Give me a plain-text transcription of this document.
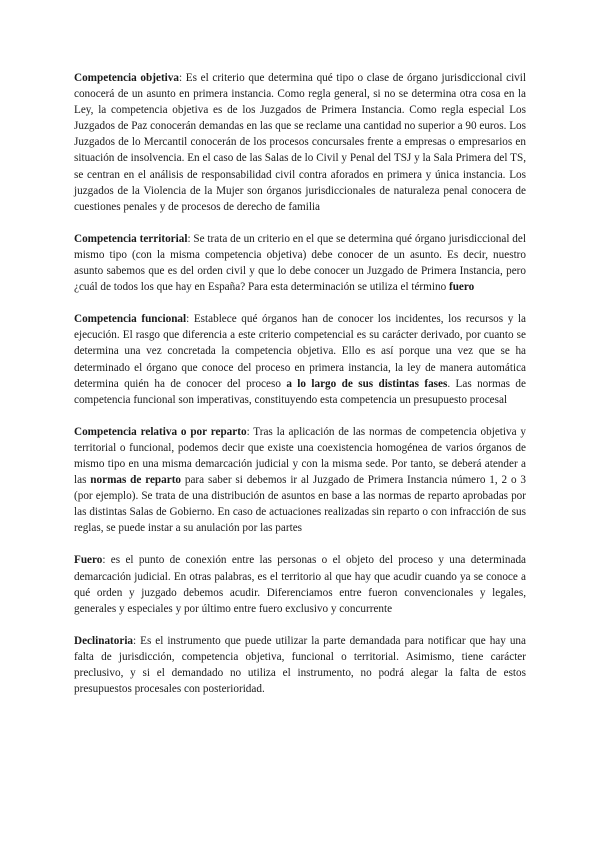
Competencia objetiva: Es el criterio que determina qué tipo o clase de órgano jurisdiccional civil conocerá de un asunto en primera instancia. Como regla general, si no se determina otra cosa en la Ley, la competencia objetiva es de los Juzgados de Primera Instancia. Como regla especial Los Juzgados de Paz conocerán demandas en las que se reclame una cantidad no superior a 90 euros. Los Juzgados de lo Mercantil conocerán de los procesos concursales frente a empresas o empresarios en situación de insolvencia. En el caso de las Salas de lo Civil y Penal del TSJ y la Sala Primera del TS, se centran en el análisis de responsabilidad civil contra aforados en primera y única instancia. Los juzgados de la Violencia de la Mujer son órganos jurisdiccionales de naturaleza penal conocera de cuestiones penales y de procesos de derecho de familia

Competencia territorial: Se trata de un criterio en el que se determina qué órgano jurisdiccional del mismo tipo (con la misma competencia objetiva) debe conocer de un asunto. Es decir, nuestro asunto sabemos que es del orden civil y que lo debe conocer un Juzgado de Primera Instancia, pero ¿cuál de todos los que hay en España? Para esta determinación se utiliza el término fuero

Competencia funcional: Establece qué órganos han de conocer los incidentes, los recursos y la ejecución. El rasgo que diferencia a este criterio competencial es su carácter derivado, por cuanto se determina una vez concretada la competencia objetiva. Ello es así porque una vez que se ha determinado el órgano que conoce del proceso en primera instancia, la ley de manera automática determina quién ha de conocer del proceso a lo largo de sus distintas fases. Las normas de competencia funcional son imperativas, constituyendo esta competencia un presupuesto procesal

Competencia relativa o por reparto: Tras la aplicación de las normas de competencia objetiva y territorial o funcional, podemos decir que existe una coexistencia homogénea de varios órganos de mismo tipo en una misma demarcación judicial y con la misma sede. Por tanto, se deberá atender a las normas de reparto para saber si debemos ir al Juzgado de Primera Instancia número 1, 2 o 3 (por ejemplo). Se trata de una distribución de asuntos en base a las normas de reparto aprobadas por las distintas Salas de Gobierno. En caso de actuaciones realizadas sin reparto o con infracción de sus reglas, se puede instar a su anulación por las partes

Fuero: es el punto de conexión entre las personas o el objeto del proceso y una determinada demarcación judicial. En otras palabras, es el territorio al que hay que acudir cuando ya se conoce a qué orden y juzgado debemos acudir. Diferenciamos entre fueron convencionales y legales, generales y especiales y por último entre fuero exclusivo y concurrente

Declinatoria: Es el instrumento que puede utilizar la parte demandada para notificar que hay una falta de jurisdicción, competencia objetiva, funcional o territorial. Asimismo, tiene carácter preclusivo, y si el demandado no utiliza el instrumento, no podrá alegar la falta de estos presupuestos procesales con posterioridad.
